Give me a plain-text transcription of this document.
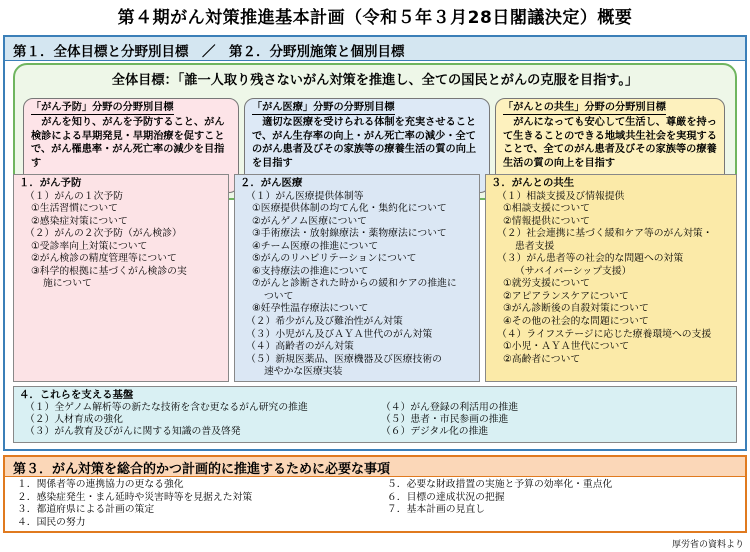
第４期がん対策推進基本計画（令和５年３月28日閣議決定）概要
第１．全体目標と分野別目標　／　第２．分野別施策と個別目標
全体目標：「誰一人取り残さないがん対策を推進し、全ての国民とがんの克服を目指す。」
「がん予防」分野の分野別目標
がんを知り、がんを予防すること、がん検診による早期発見・早期治療を促すことで、がん罹患率・がん死亡率の減少を目指す
「がん医療」分野の分野別目標
適切な医療を受けられる体制を充実させることで、がん生存率の向上・がん死亡率の減少・全てのがん患者及びその家族等の療養生活の質の向上を目指す
「がんとの共生」分野の分野別目標
がんになっても安心して生活し、尊厳を持って生きることのできる地域共生社会を実現することで、全てのがん患者及びその家族等の療養生活の質の向上を目指す
１．がん予防
（１）がんの１次予防
①生活習慣について
②感染症対策について
（２）がんの２次予防（がん検診）
①受診率向上対策について
②がん検診の精度管理等について
③科学的根拠に基づくがん検診の実
施について
２．がん医療
（１）がん医療提供体制等
①医療提供体制の均てん化・集約化について
②がんゲノム医療について
③手術療法・放射線療法・薬物療法について
④チーム医療の推進について
⑤がんのリハビリテーションについて
⑥支持療法の推進について
⑦がんと診断された時からの緩和ケアの推進に
ついて
⑧妊孕性温存療法について
（２）希少がん及び難治性がん対策
（３）小児がん及びＡＹＡ世代のがん対策
（４）高齢者のがん対策
（５）新規医薬品、医療機器及び医療技術の
速やかな医療実装
３．がんとの共生
（１）相談支援及び情報提供
①相談支援について
②情報提供について
（２）社会連携に基づく緩和ケア等のがん対策・
患者支援
（３）がん患者等の社会的な問題への対策
（サバイバーシップ支援）
①就労支援について
②アピアランスケアについて
③がん診断後の自殺対策について
④その他の社会的な問題について
（４）ライフステージに応じた療養環境への支援
①小児・ＡＹＡ世代について
②高齢者について
４．これらを支える基盤
（１）全ゲノム解析等の新たな技術を含む更なるがん研究の推進
（２）人材育成の強化
（３）がん教育及びがんに関する知識の普及啓発
（４）がん登録の利活用の推進
（５）患者・市民参画の推進
（６）デジタル化の推進
第３．がん対策を総合的かつ計画的に推進するために必要な事項
１．関係者等の連携協力の更なる強化
２．感染症発生・まん延時や災害時等を見据えた対策
３．都道府県による計画の策定
４．国民の努力
５．必要な財政措置の実施と予算の効率化・重点化
６．目標の達成状況の把握
７．基本計画の見直し
厚労省の資料より
